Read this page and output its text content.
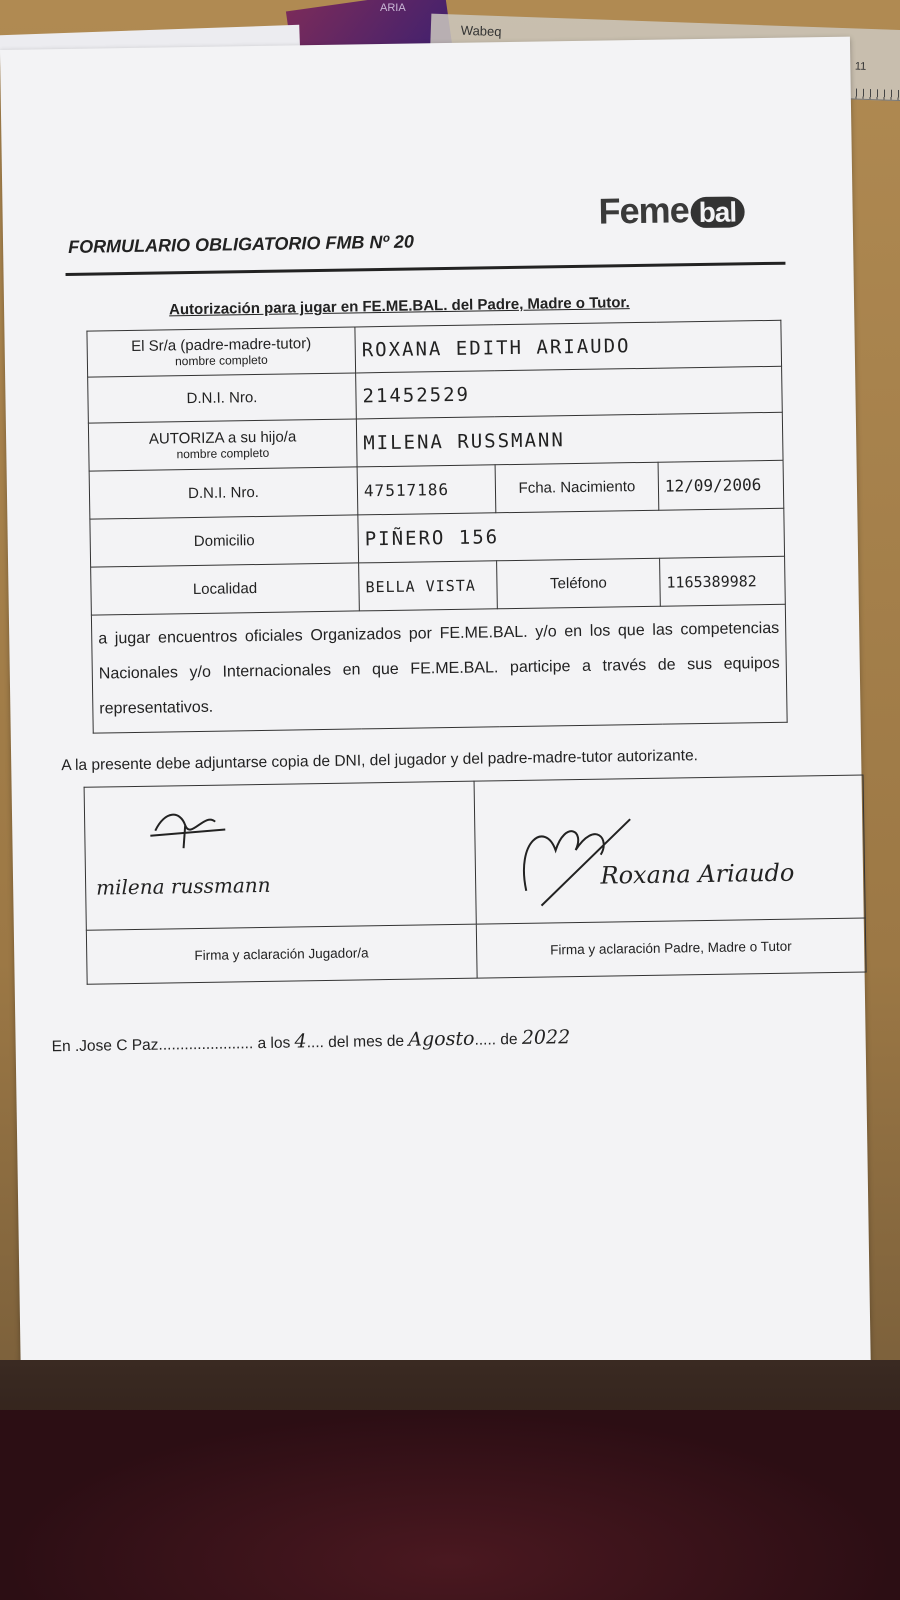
ARIA
Wabeq
11
Feme bal
FORMULARIO OBLIGATORIO FMB Nº 20
Autorización para jugar en FE.ME.BAL. del Padre, Madre o Tutor.
El Sr/a (padre-madre-tutor)
nombre completo	ROXANA EDITH ARIAUDO		
D.N.I. Nro.	21452529		
AUTORIZA a su hijo/a
nombre completo	MILENA RUSSMANN		
D.N.I. Nro.	47517186	Fcha. Nacimiento	12/09/2006
Domicilio	PIÑERO 156		
Localidad	BELLA VISTA	Teléfono	1165389982
a jugar encuentros oficiales Organizados por FE.ME.BAL. y/o en los que las competencias Nacionales y/o Internacionales en que FE.ME.BAL. participe a través de sus equipos representativos.			
A la presente debe adjuntarse copia de DNI, del jugador y del padre-madre-tutor autorizante.
milena russmann	Roxana Ariaudo

Firma y aclaración Jugador/a	Firma y aclaración Padre, Madre o Tutor
En .Jose C Paz...................... a los 4.... del mes de Agosto..... de 2022
